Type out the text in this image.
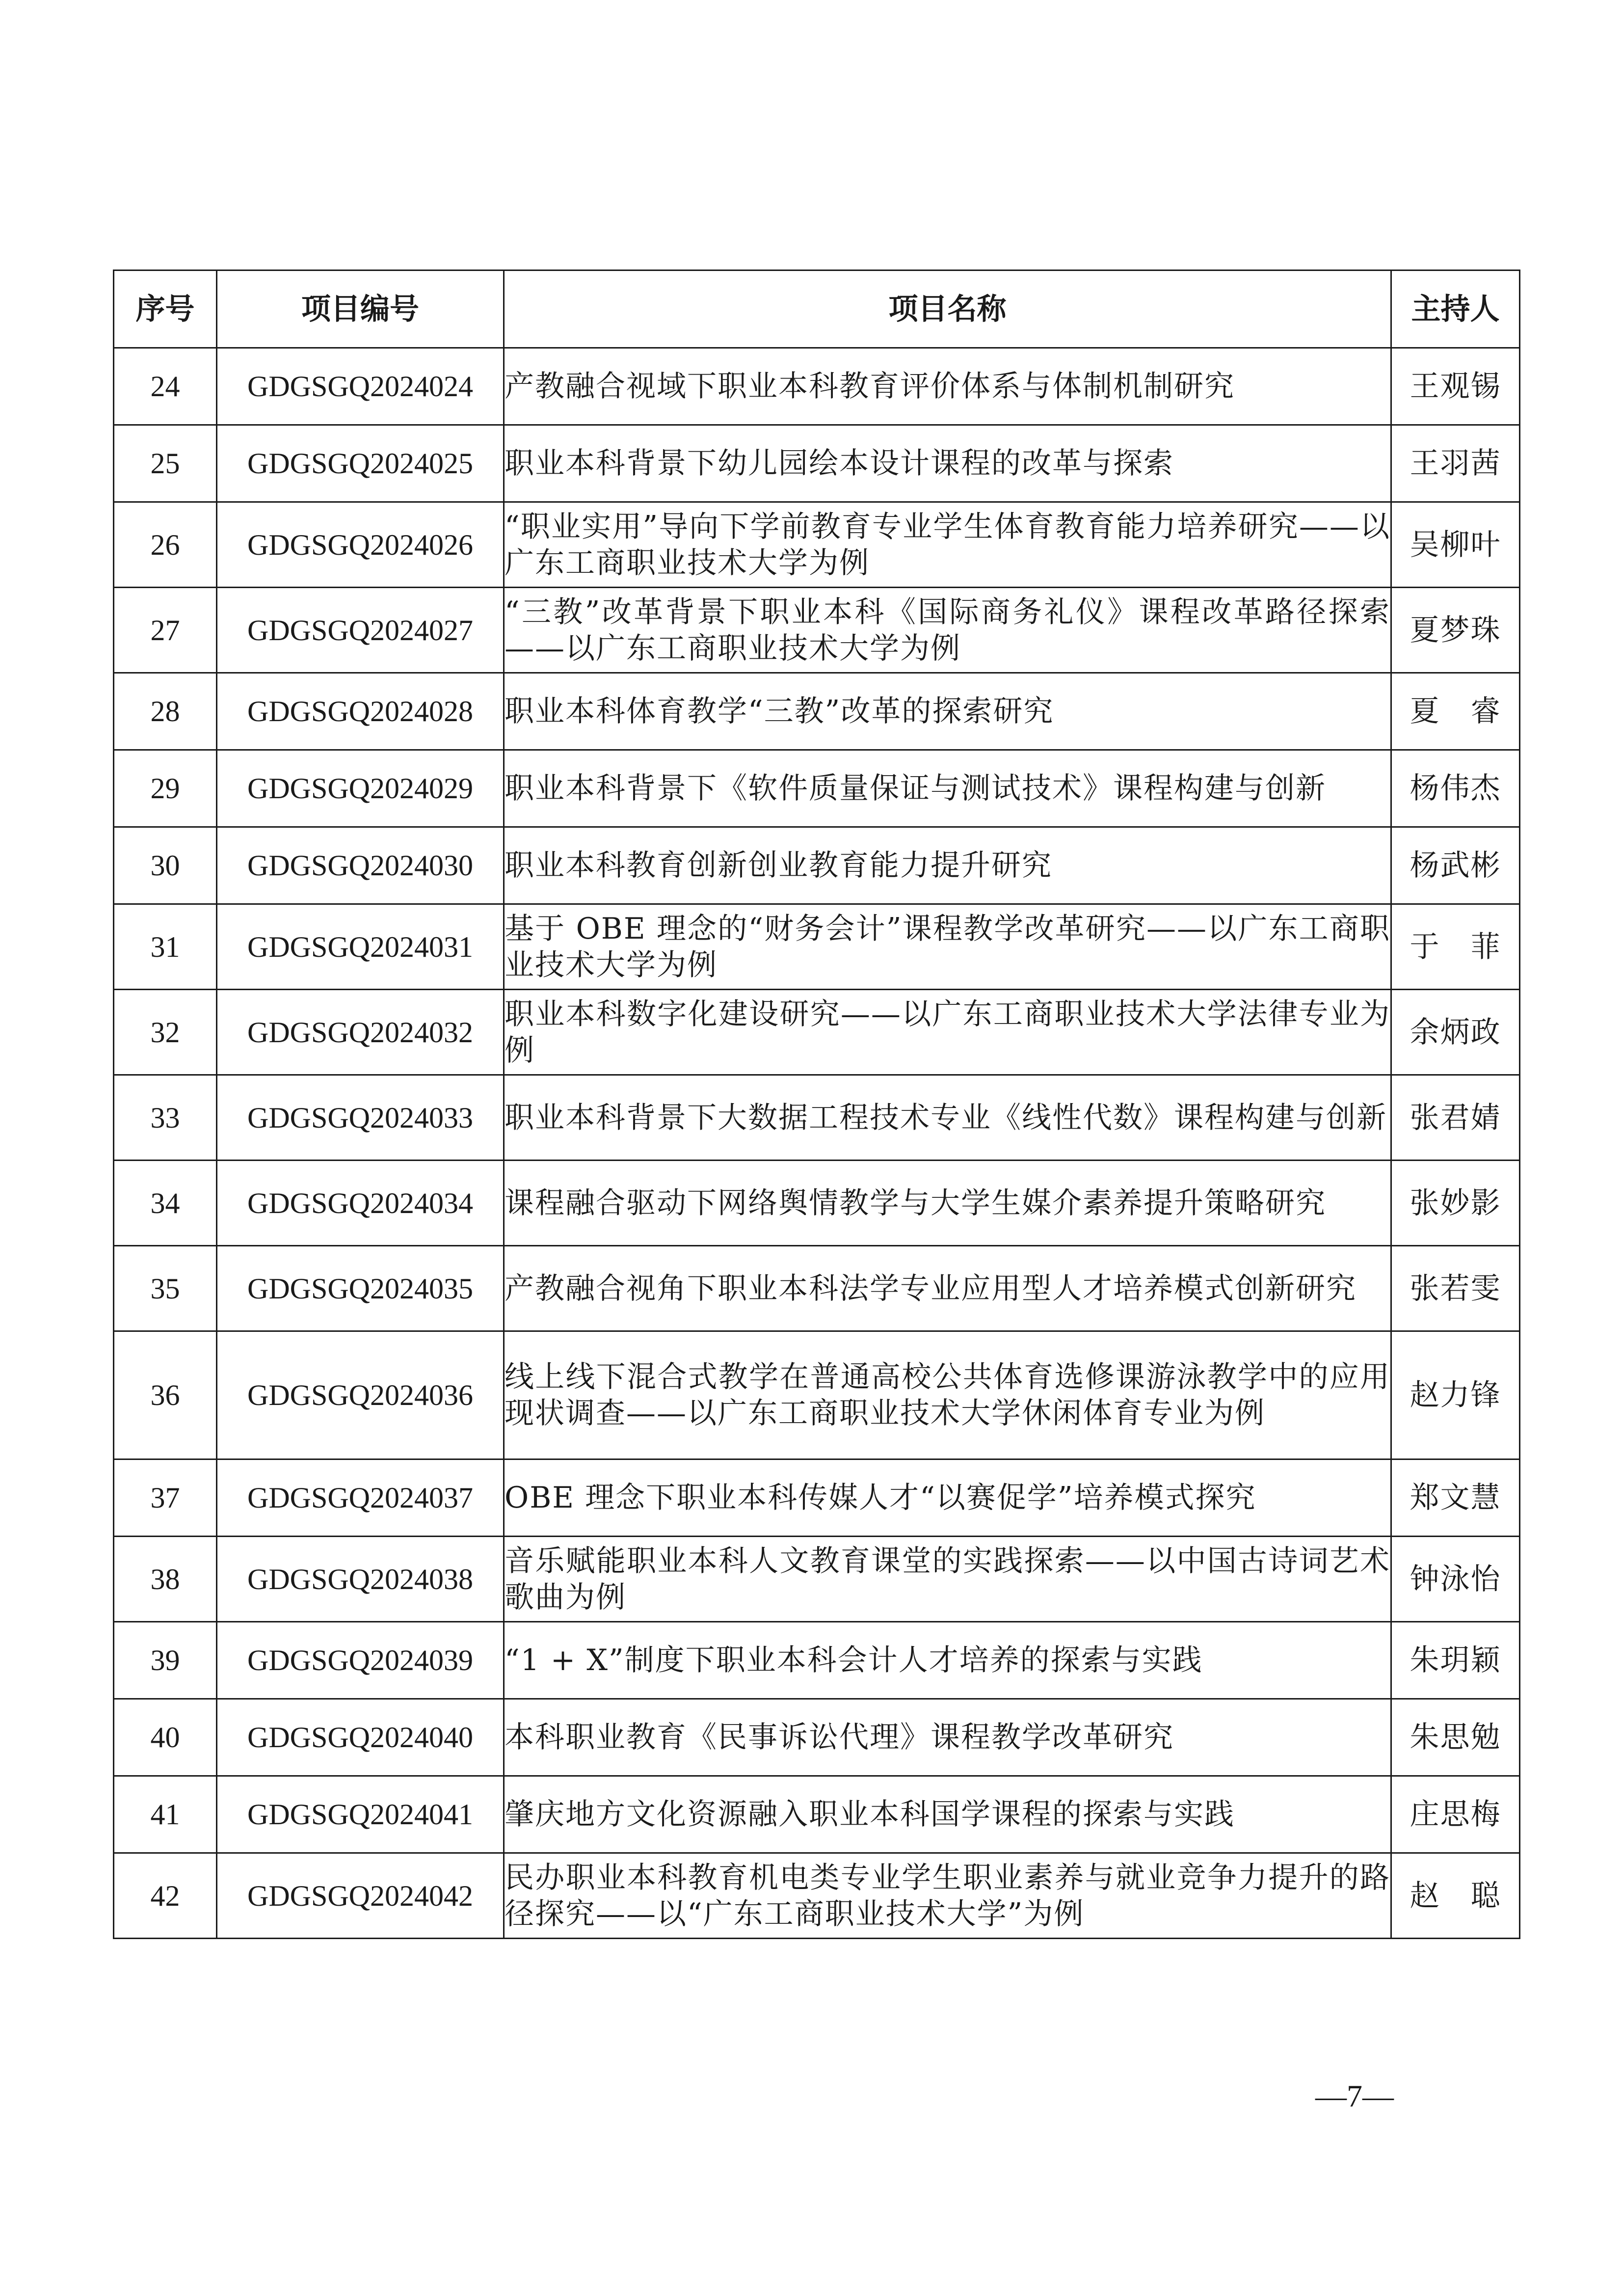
序号	项目编号	项目名称	主持人
24	GDGSGQ2024024	产教融合视域下职业本科教育评价体系与体制机制研究	王观锡
25	GDGSGQ2024025	职业本科背景下幼儿园绘本设计课程的改革与探索	王羽茜
26	GDGSGQ2024026	“职业实用”导向下学前教育专业学生体育教育能力培养研究——以广东工商职业技术大学为例	吴柳叶
27	GDGSGQ2024027	“三教”改革背景下职业本科《国际商务礼仪》课程改革路径探索——以广东工商职业技术大学为例	夏梦珠
28	GDGSGQ2024028	职业本科体育教学“三教”改革的探索研究	夏　睿
29	GDGSGQ2024029	职业本科背景下《软件质量保证与测试技术》课程构建与创新	杨伟杰
30	GDGSGQ2024030	职业本科教育创新创业教育能力提升研究	杨武彬
31	GDGSGQ2024031	基于 OBE 理念的“财务会计”课程教学改革研究——以广东工商职业技术大学为例	于　菲
32	GDGSGQ2024032	职业本科数字化建设研究——以广东工商职业技术大学法律专业为例	余炳政
33	GDGSGQ2024033	职业本科背景下大数据工程技术专业《线性代数》课程构建与创新	张君婧
34	GDGSGQ2024034	课程融合驱动下网络舆情教学与大学生媒介素养提升策略研究	张妙影
35	GDGSGQ2024035	产教融合视角下职业本科法学专业应用型人才培养模式创新研究	张若雯
36	GDGSGQ2024036	线上线下混合式教学在普通高校公共体育选修课游泳教学中的应用现状调查——以广东工商职业技术大学休闲体育专业为例	赵力锋
37	GDGSGQ2024037	OBE 理念下职业本科传媒人才“以赛促学”培养模式探究	郑文慧
38	GDGSGQ2024038	音乐赋能职业本科人文教育课堂的实践探索——以中国古诗词艺术歌曲为例	钟泳怡
39	GDGSGQ2024039	“1 + X”制度下职业本科会计人才培养的探索与实践	朱玥颖
40	GDGSGQ2024040	本科职业教育《民事诉讼代理》课程教学改革研究	朱思勉
41	GDGSGQ2024041	肇庆地方文化资源融入职业本科国学课程的探索与实践	庄思梅
42	GDGSGQ2024042	民办职业本科教育机电类专业学生职业素养与就业竞争力提升的路径探究——以“广东工商职业技术大学”为例	赵　聪
—7—
